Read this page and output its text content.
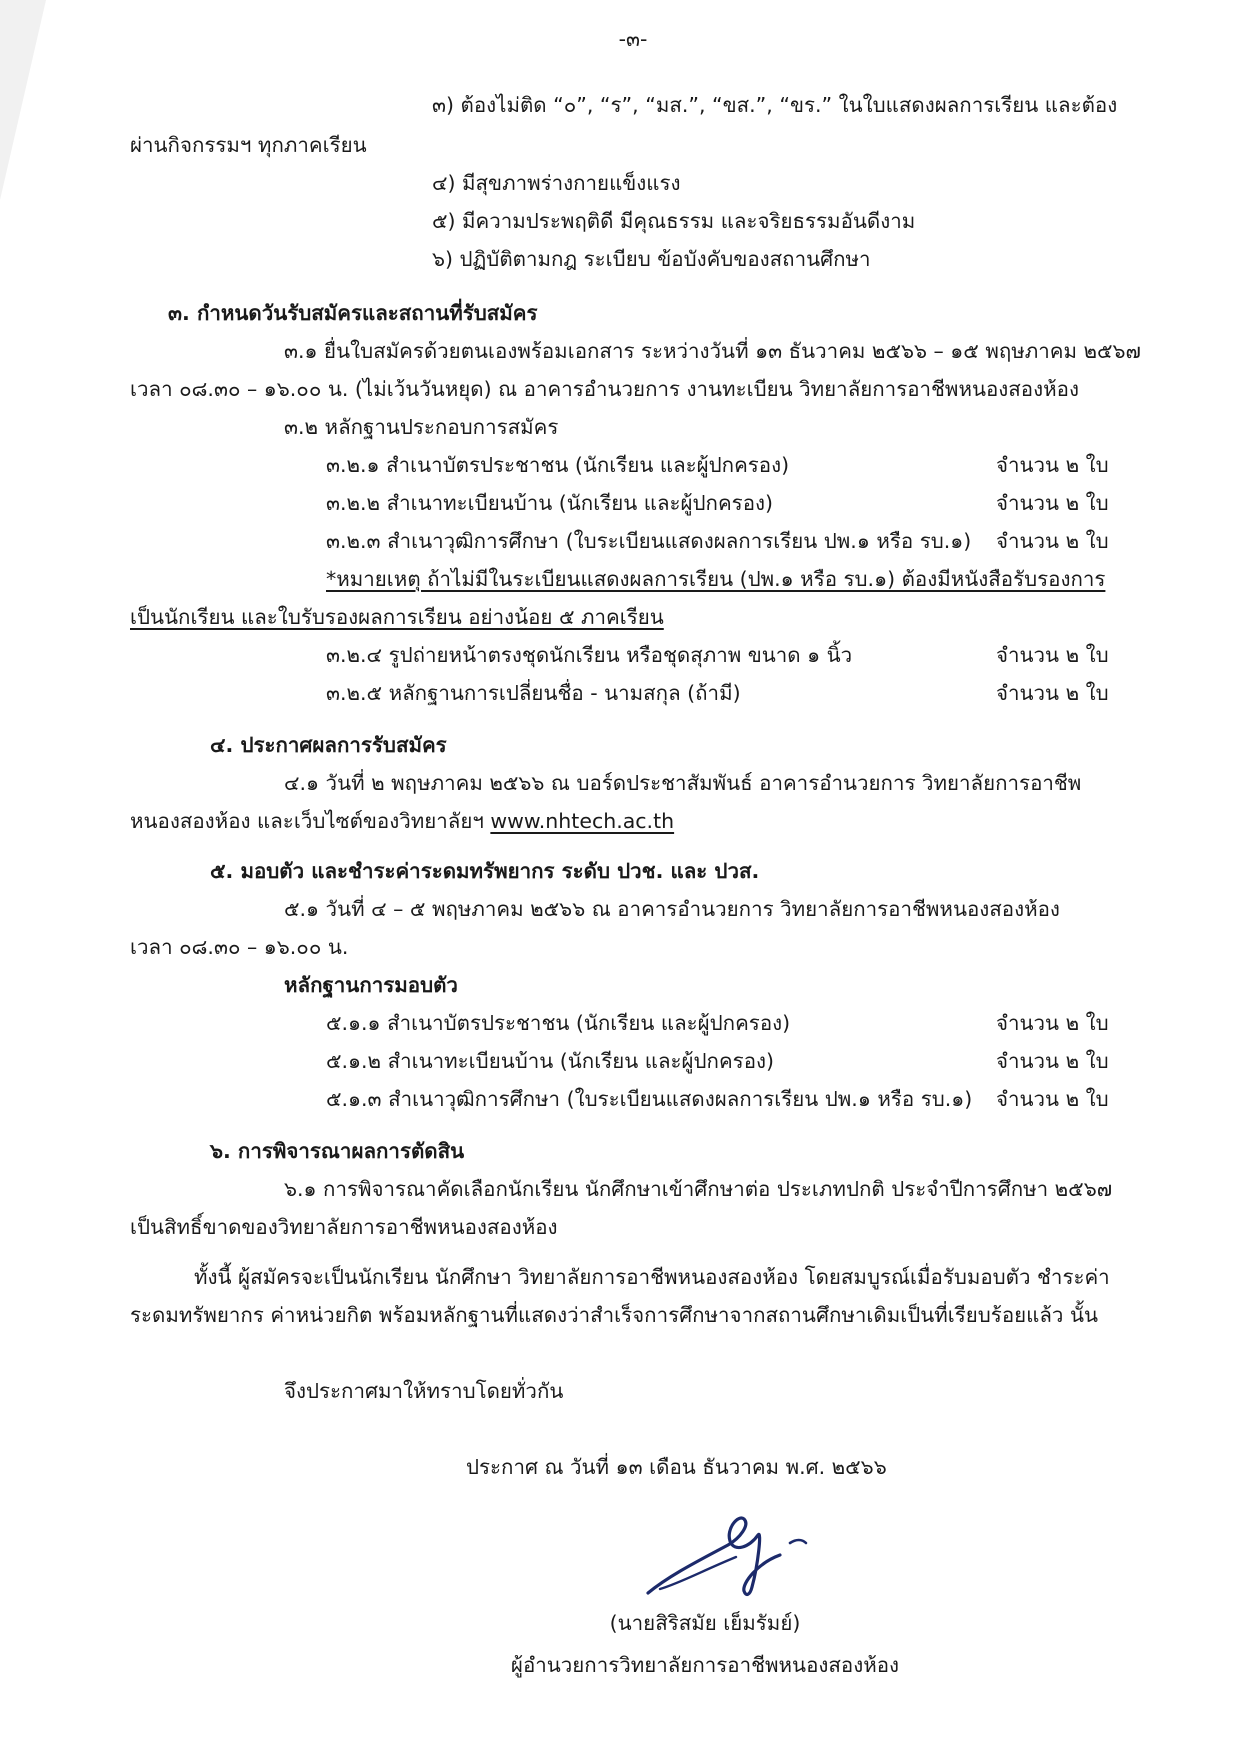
-๓-
๓) ต้องไม่ติด “๐”, “ร”, “มส.”, “ขส.”, “ขร.” ในใบแสดงผลการเรียน และต้อง
ผ่านกิจกรรมฯ ทุกภาคเรียน
๔) มีสุขภาพร่างกายแข็งแรง
๕) มีความประพฤติดี มีคุณธรรม และจริยธรรมอันดีงาม
๖) ปฏิบัติตามกฎ ระเบียบ ข้อบังคับของสถานศึกษา
๓. กำหนดวันรับสมัครและสถานที่รับสมัคร
๓.๑ ยื่นใบสมัครด้วยตนเองพร้อมเอกสาร ระหว่างวันที่ ๑๓ ธันวาคม ๒๕๖๖ – ๑๕ พฤษภาคม ๒๕๖๗
เวลา ๐๘.๓๐ – ๑๖.๐๐ น. (ไม่เว้นวันหยุด) ณ อาคารอำนวยการ งานทะเบียน วิทยาลัยการอาชีพหนองสองห้อง
๓.๒ หลักฐานประกอบการสมัคร
๓.๒.๑ สำเนาบัตรประชาชน (นักเรียน และผู้ปกครอง)	จำนวน ๒ ใบ
๓.๒.๒ สำเนาทะเบียนบ้าน (นักเรียน และผู้ปกครอง)	จำนวน ๒ ใบ
๓.๒.๓ สำเนาวุฒิการศึกษา (ใบระเบียนแสดงผลการเรียน ปพ.๑ หรือ รบ.๑) จำนวน ๒ ใบ
*หมายเหตุ ถ้าไม่มีในระเบียนแสดงผลการเรียน (ปพ.๑ หรือ รบ.๑) ต้องมีหนังสือรับรองการ
เป็นนักเรียน และใบรับรองผลการเรียน อย่างน้อย ๕ ภาคเรียน
๓.๒.๔ รูปถ่ายหน้าตรงชุดนักเรียน หรือชุดสุภาพ ขนาด ๑ นิ้ว	จำนวน ๒ ใบ
๓.๒.๕ หลักฐานการเปลี่ยนชื่อ - นามสกุล (ถ้ามี)	จำนวน ๒ ใบ
๔. ประกาศผลการรับสมัคร
๔.๑ วันที่ ๒ พฤษภาคม ๒๕๖๖ ณ บอร์ดประชาสัมพันธ์ อาคารอำนวยการ วิทยาลัยการอาชีพ
หนองสองห้อง และเว็บไซต์ของวิทยาลัยฯ www.nhtech.ac.th
๕. มอบตัว และชำระค่าระดมทรัพยากร ระดับ ปวช. และ ปวส.
๕.๑ วันที่ ๔ – ๕ พฤษภาคม ๒๕๖๖ ณ อาคารอำนวยการ วิทยาลัยการอาชีพหนองสองห้อง
เวลา ๐๘.๓๐ – ๑๖.๐๐ น.
หลักฐานการมอบตัว
๕.๑.๑ สำเนาบัตรประชาชน (นักเรียน และผู้ปกครอง)	จำนวน ๒ ใบ
๕.๑.๒ สำเนาทะเบียนบ้าน (นักเรียน และผู้ปกครอง)	จำนวน ๒ ใบ
๕.๑.๓ สำเนาวุฒิการศึกษา (ใบระเบียนแสดงผลการเรียน ปพ.๑ หรือ รบ.๑) จำนวน ๒ ใบ
๖. การพิจารณาผลการตัดสิน
๖.๑ การพิจารณาคัดเลือกนักเรียน นักศึกษาเข้าศึกษาต่อ ประเภทปกติ ประจำปีการศึกษา ๒๕๖๗
เป็นสิทธิ์ขาดของวิทยาลัยการอาชีพหนองสองห้อง
ทั้งนี้ ผู้สมัครจะเป็นนักเรียน นักศึกษา วิทยาลัยการอาชีพหนองสองห้อง โดยสมบูรณ์เมื่อรับมอบตัว ชำระค่า
ระดมทรัพยากร ค่าหน่วยกิต พร้อมหลักฐานที่แสดงว่าสำเร็จการศึกษาจากสถานศึกษาเดิมเป็นที่เรียบร้อยแล้ว นั้น
จึงประกาศมาให้ทราบโดยทั่วกัน
ประกาศ ณ วันที่ ๑๓ เดือน ธันวาคม พ.ศ. ๒๕๖๖
(นายสิริสมัย เย็มรัมย์)
ผู้อำนวยการวิทยาลัยการอาชีพหนองสองห้อง
